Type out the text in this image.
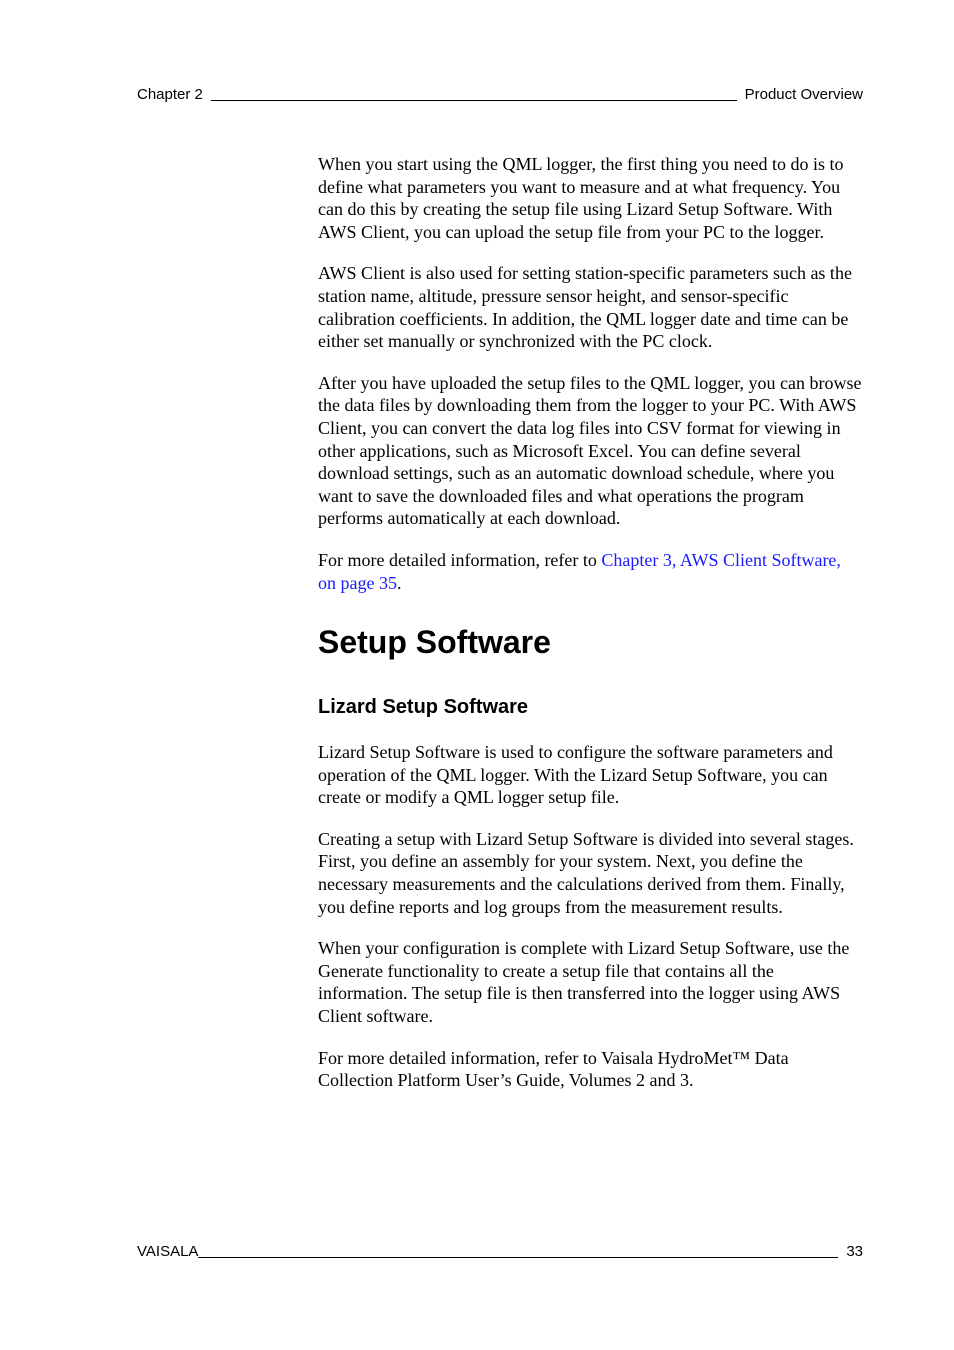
Chapter 2	Product Overview

When you start using the QML logger, the first thing you need to do is to define what parameters you want to measure and at what frequency. You can do this by creating the setup file using Lizard Setup Software. With AWS Client, you can upload the setup file from your PC to the logger.

AWS Client is also used for setting station-specific parameters such as the station name, altitude, pressure sensor height, and sensor-specific calibration coefficients. In addition, the QML logger date and time can be either set manually or synchronized with the PC clock.

After you have uploaded the setup files to the QML logger, you can browse the data files by downloading them from the logger to your PC. With AWS Client, you can convert the data log files into CSV format for viewing in other applications, such as Microsoft Excel. You can define several download settings, such as an automatic download schedule, where you want to save the downloaded files and what operations the program performs automatically at each download.

For more detailed information, refer to Chapter 3, AWS Client Software, on page 35.

Setup Software
Lizard Setup Software

Lizard Setup Software is used to configure the software parameters and operation of the QML logger. With the Lizard Setup Software, you can create or modify a QML logger setup file.

Creating a setup with Lizard Setup Software is divided into several stages. First, you define an assembly for your system. Next, you define the necessary measurements and the calculations derived from them. Finally, you define reports and log groups from the measurement results.

When your configuration is complete with Lizard Setup Software, use the Generate functionality to create a setup file that contains all the information. The setup file is then transferred into the logger using AWS Client software.

For more detailed information, refer to Vaisala HydroMet™ Data Collection Platform User’s Guide, Volumes 2 and 3.

VAISALA	33
